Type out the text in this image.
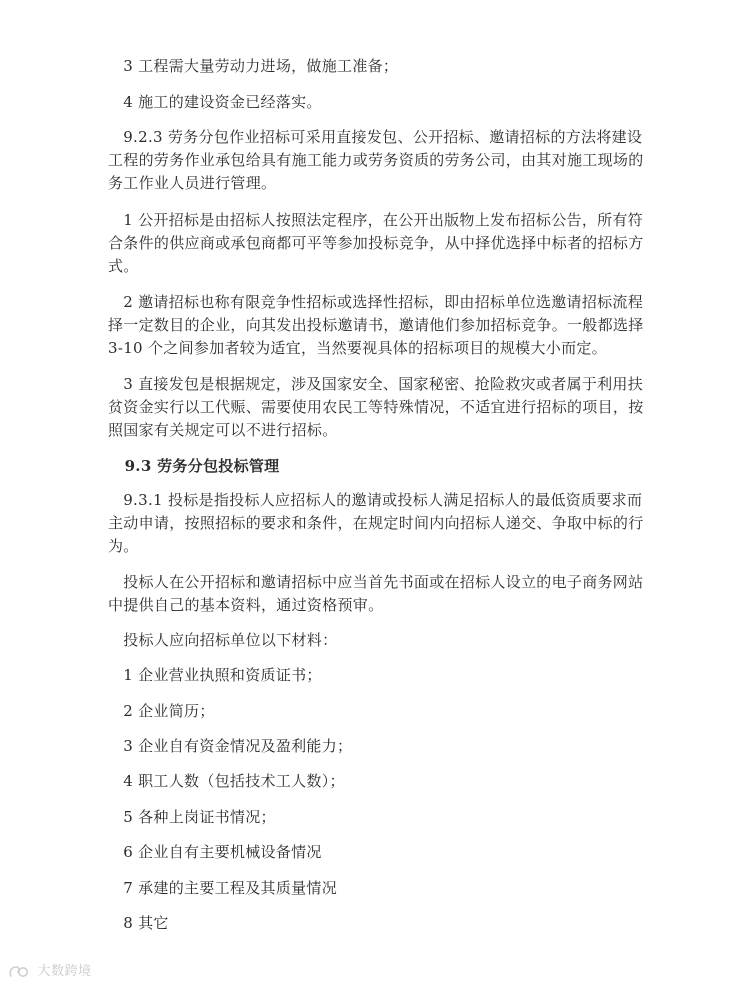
3 工程需大量劳动力进场，做施工准备；
4 施工的建设资金已经落实。
9.2.3 劳务分包作业招标可采用直接发包、公开招标、邀请招标的方法将建设工程的劳务作业承包给具有施工能力或劳务资质的劳务公司，由其对施工现场的务工作业人员进行管理。
1 公开招标是由招标人按照法定程序，在公开出版物上发布招标公告，所有符合条件的供应商或承包商都可平等参加投标竞争，从中择优选择中标者的招标方式。
2 邀请招标也称有限竞争性招标或选择性招标，即由招标单位选邀请招标流程择一定数目的企业，向其发出投标邀请书，邀请他们参加招标竞争。一般都选择 3-10 个之间参加者较为适宜，当然要视具体的招标项目的规模大小而定。
3 直接发包是根据规定，涉及国家安全、国家秘密、抢险救灾或者属于利用扶贫资金实行以工代赈、需要使用农民工等特殊情况，不适宜进行招标的项目，按照国家有关规定可以不进行招标。
9.3 劳务分包投标管理
9.3.1 投标是指投标人应招标人的邀请或投标人满足招标人的最低资质要求而主动申请，按照招标的要求和条件，在规定时间内向招标人递交、争取中标的行为。
投标人在公开招标和邀请招标中应当首先书面或在招标人设立的电子商务网站中提供自己的基本资料，通过资格预审。
投标人应向招标单位以下材料：
1 企业营业执照和资质证书；
2 企业简历；
3 企业自有资金情况及盈利能力；
4 职工人数（包括技术工人数）；
5 各种上岗证书情况；
6 企业自有主要机械设备情况
7 承建的主要工程及其质量情况
8 其它
大数跨境
